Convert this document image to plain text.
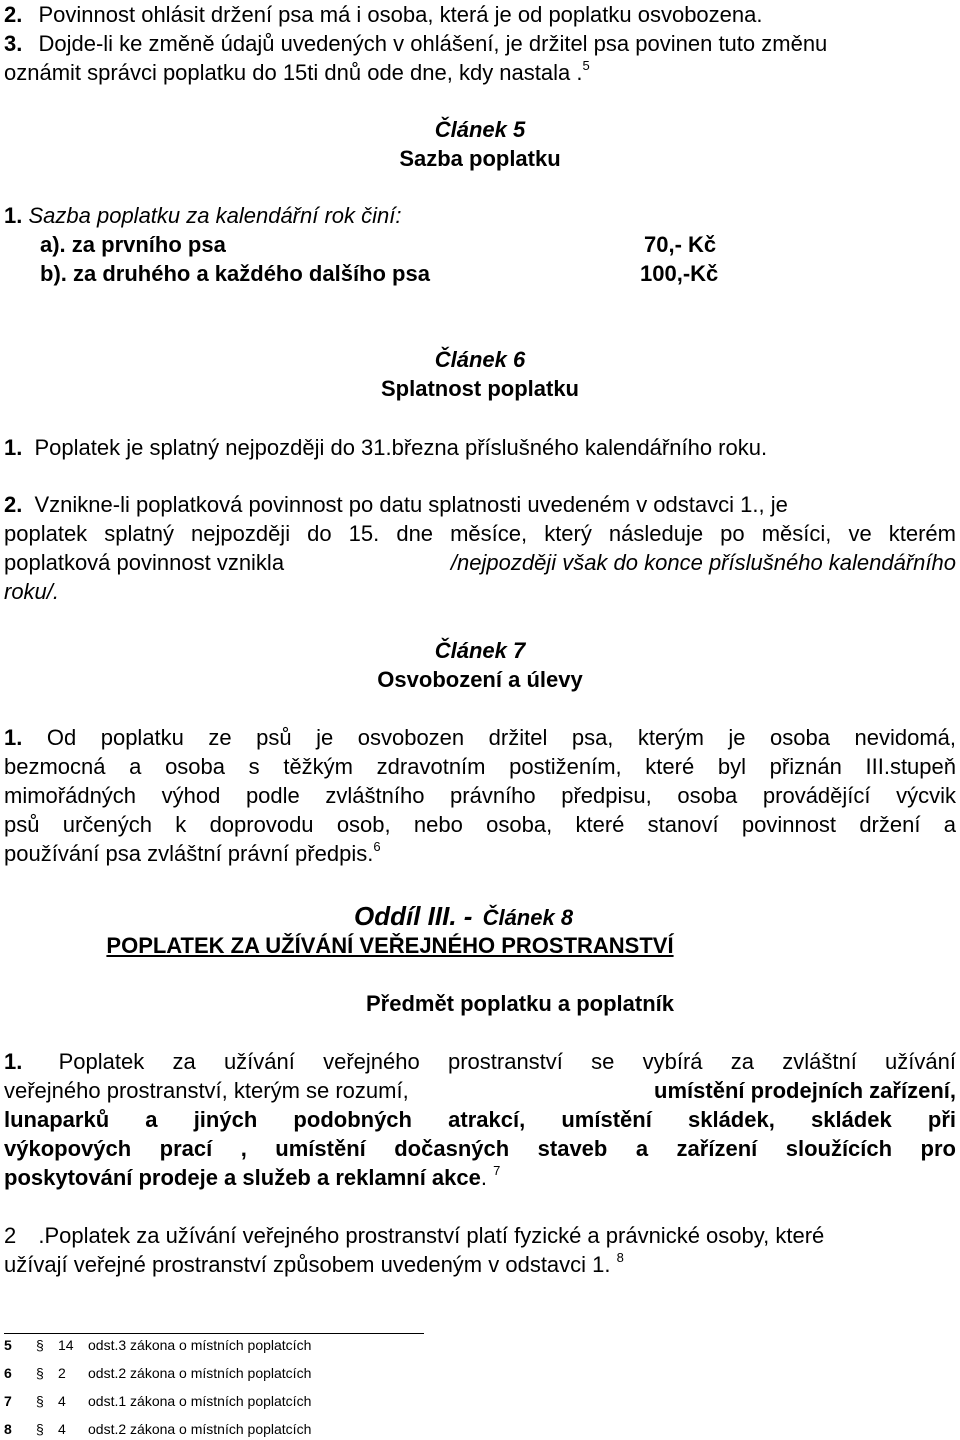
2. Povinnost ohlásit držení psa má i osoba, která je od poplatku osvobozena.
3. Dojde-li ke změně údajů uvedených v ohlášení, je držitel psa povinen tuto změnu
oznámit správci poplatku do 15ti dnů ode dne, kdy nastala .$^5$
Článek 5
Sazba poplatku
1. Sazba poplatku za kalendářní rok činí:
a). za prvního psa	70,- Kč
b). za druhého a každého dalšího psa	100,-Kč
Článek 6
Splatnost poplatku
1. Poplatek je splatný nejpozději do 31.března příslušného kalendářního roku.
2. Vznikne-li poplatková povinnost po datu splatnosti uvedeném v odstavci 1., je
poplatek splatný nejpozději do 15. dne měsíce, který následuje po měsíci, ve kterém
poplatková povinnost vznikla	/nejpozději však do konce příslušného kalendářního
roku/.
Článek 7
Osvobození a úlevy
1. Od poplatku ze psů je osvobozen držitel psa, kterým je osoba nevidomá,
bezmocná a osoba s těžkým zdravotním postižením, které byl přiznán III.stupeň
mimořádných výhod podle zvláštního právního předpisu, osoba provádějící výcvik
psů určených k doprovodu osob, nebo osoba, které stanoví povinnost držení a
používání psa zvláštní právní předpis.$^6$
Oddíl III. - Článek 8
POPLATEK ZA UŽÍVÁNÍ VEŘEJNÉHO PROSTRANSTVÍ
Předmět poplatku a poplatník
1. Poplatek za užívání veřejného prostranství se vybírá za zvláštní užívání
veřejného prostranství, kterým se rozumí,	umístění prodejních zařízení,
lunaparků a jiných podobných atrakcí, umístění skládek, skládek při
výkopových prací , umístění dočasných staveb a zařízení sloužících pro
poskytování prodeje a služeb a reklamní akce. $^7$
2 .Poplatek za užívání veřejného prostranství platí fyzické a právnické osoby, které
užívají veřejné prostranství způsobem uvedeným v odstavci 1. $^8$
5 § 14 odst.3 zákona o místních poplatcích
6 § 2 odst.2 zákona o místních poplatcích
7 § 4 odst.1 zákona o místních poplatcích
8 § 4 odst.2 zákona o místních poplatcích
